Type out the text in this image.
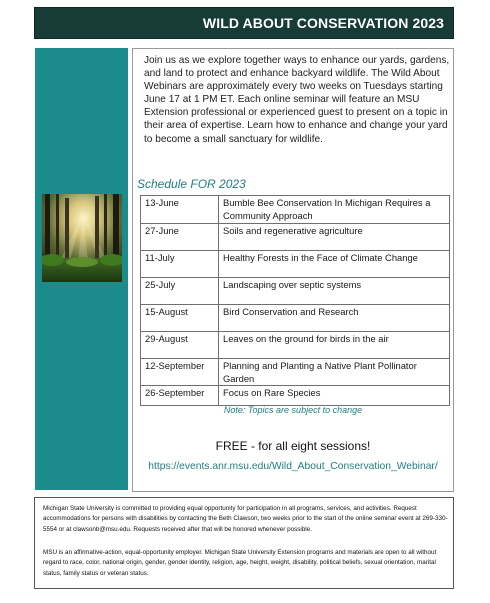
WILD ABOUT CONSERVATION 2023

Join us as we explore together ways to enhance our yards, gardens, and land to protect and enhance backyard wildlife. The Wild About Webinars are approximately every two weeks on Tuesdays starting June 17 at 1 PM ET. Each online seminar will feature an MSU Extension professional or experienced guest to present on a topic in their area of expertise. Learn how to enhance and change your yard to become a small sanctuary for wildlife.

Schedule FOR 2023
13-June	Bumble Bee Conservation In Michigan Requires a Community Approach
27-June	Soils and regenerative agriculture
11-July	Healthy Forests in the Face of Climate Change
25-July	Landscaping over septic systems
15-August	Bird Conservation and Research
29-August	Leaves on the ground for birds in the air
12-September	Planning and Planting a Native Plant Pollinator Garden
26-September	Focus on Rare Species
Note: Topics are subject to change
FREE - for all eight sessions!
https://events.anr.msu.edu/Wild_About_Conservation_Webinar/

Michigan State University is committed to providing equal opportunity for participation in all programs, services, and activities. Request accommodations for persons with disabilities by contacting the Beth Clawson, two weeks prior to the start of the online seminar event at 269-330-5554 or at clawsonb@msu.edu. Requests received after that will be honored whenever possible.

MSU is an affirmative-action, equal-opportunity employer. Michigan State University Extension programs and materials are open to all without regard to race, color, national origin, gender, gender identity, religion, age, height, weight, disability, political beliefs, sexual orientation, marital status, family status or veteran status.
